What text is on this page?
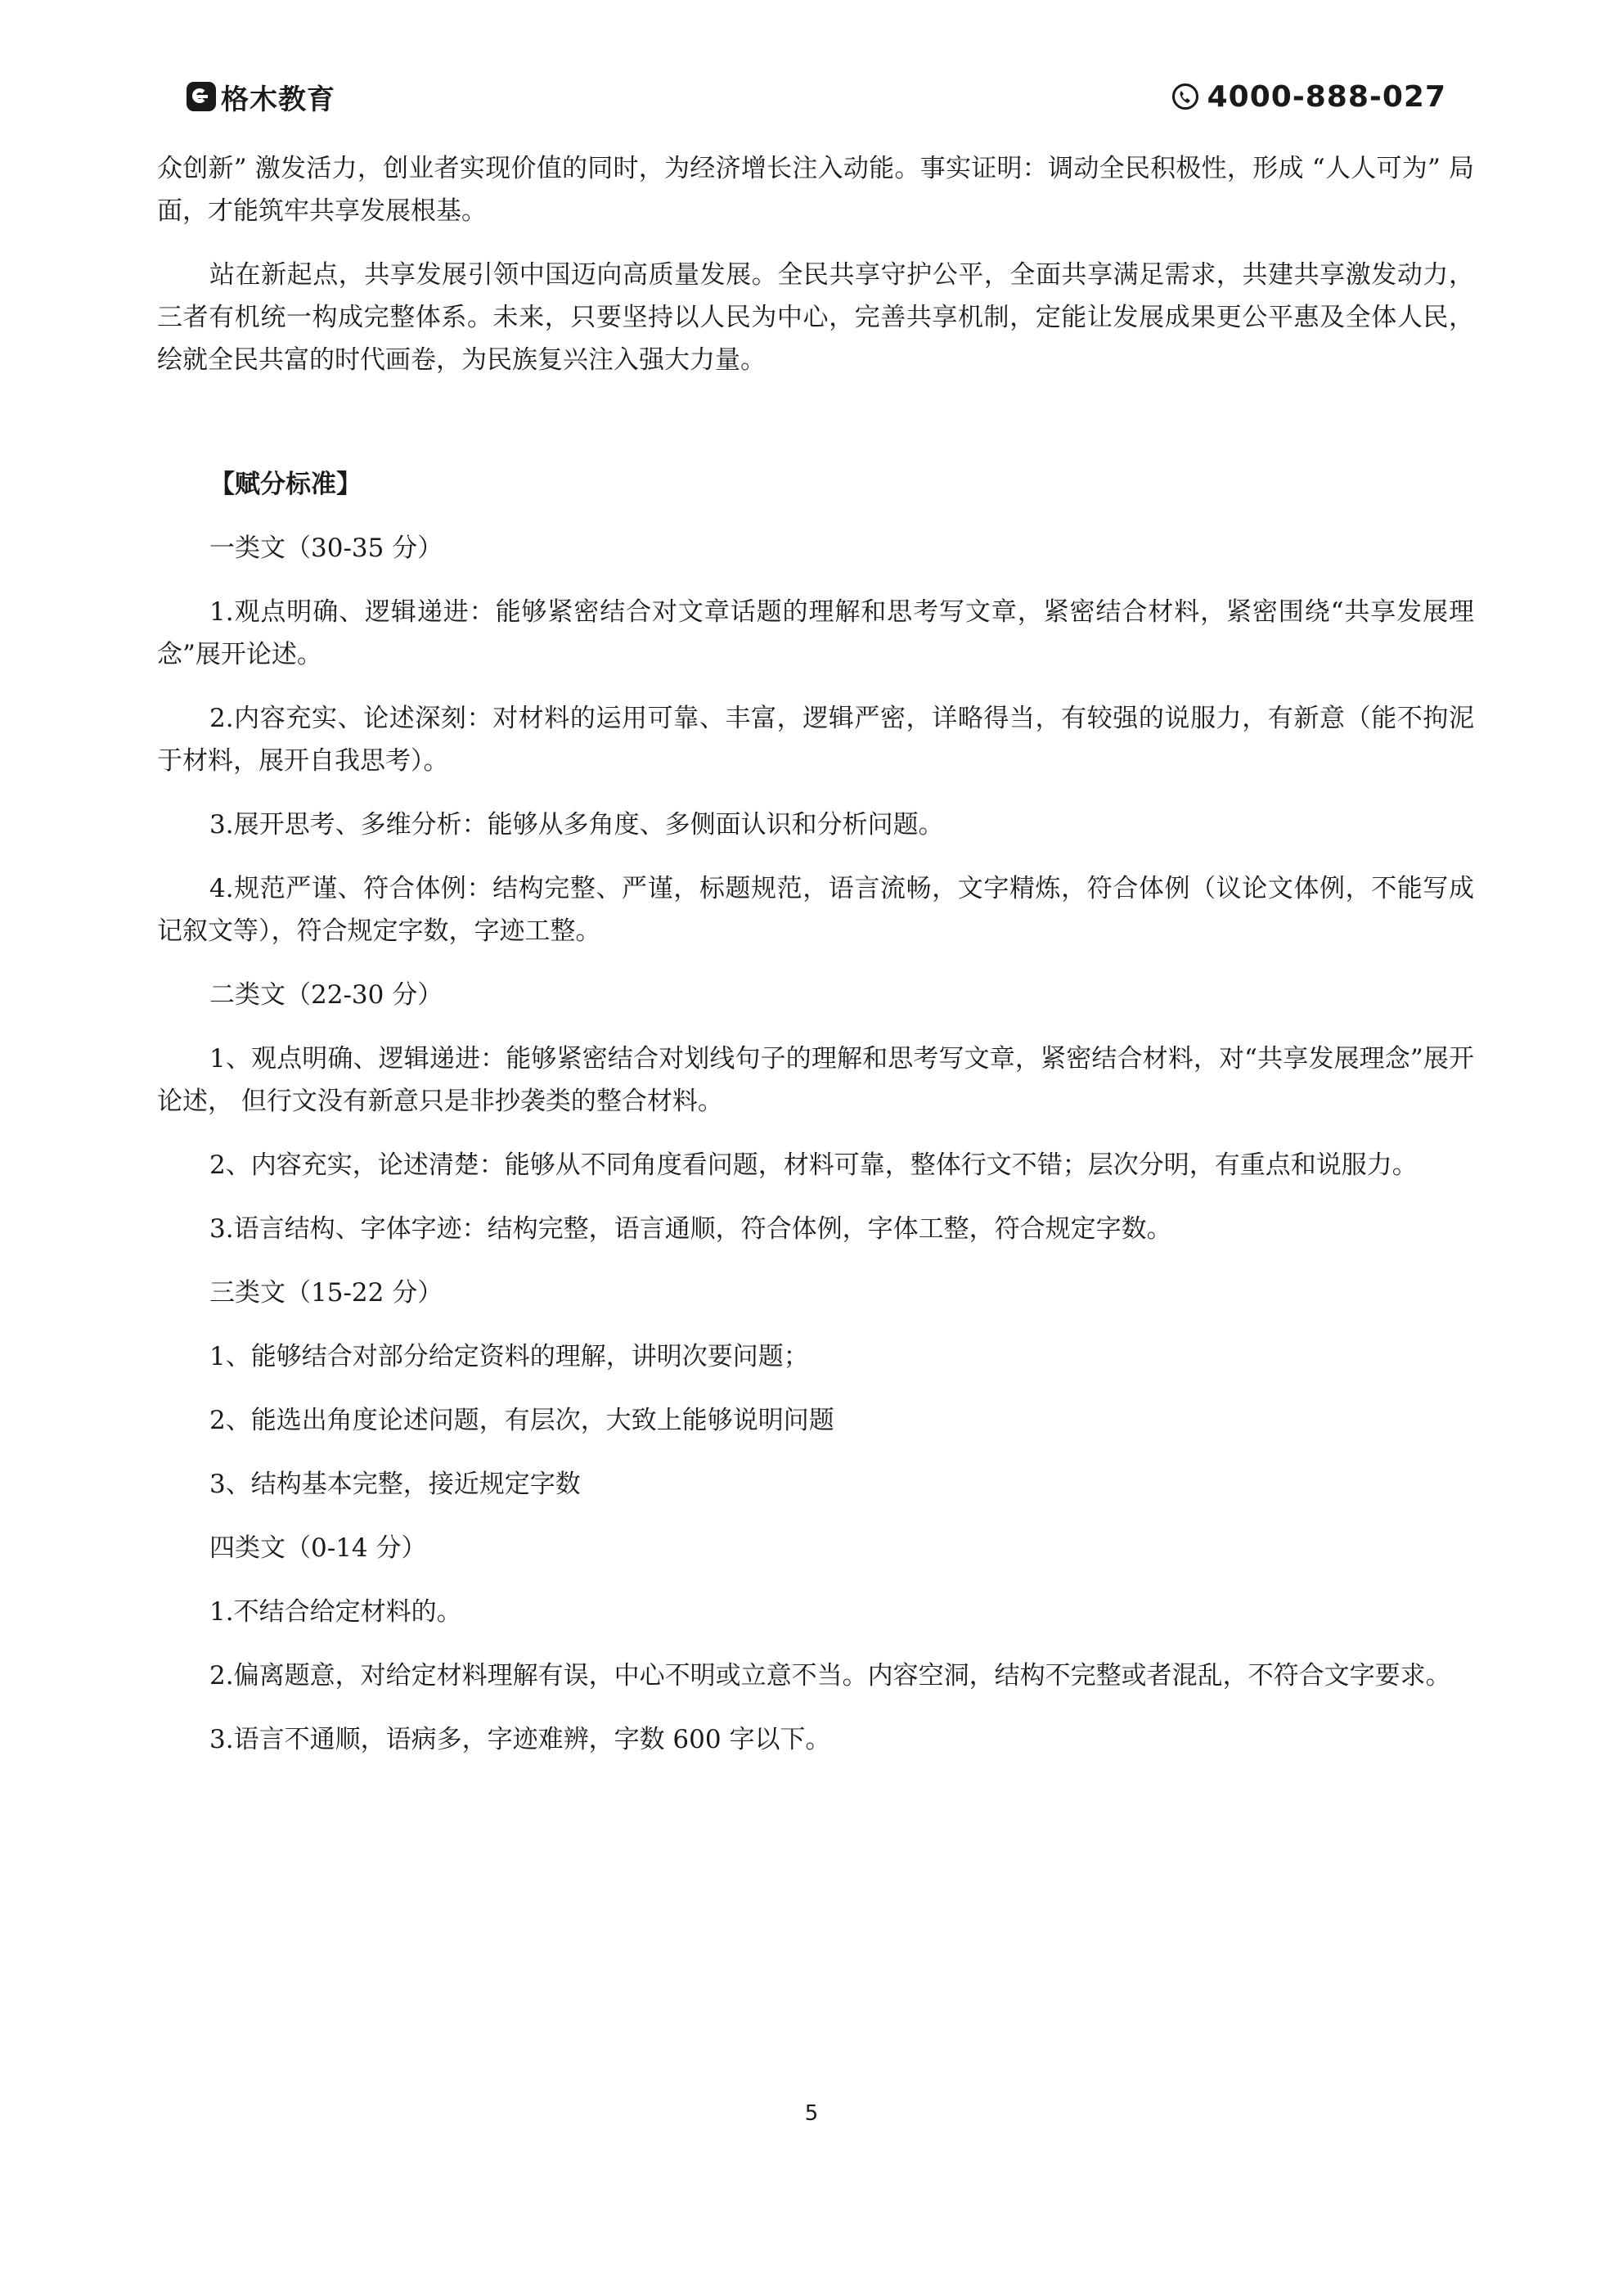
格木教育	4000-888-027

众创新” 激发活力，创业者实现价值的同时，为经济增长注入动能。事实证明：调动全民积极性，形成 “人人可为” 局面，才能筑牢共享发展根基。

站在新起点，共享发展引领中国迈向高质量发展。全民共享守护公平，全面共享满足需求，共建共享激发动力，三者有机统一构成完整体系。未来，只要坚持以人民为中心，完善共享机制，定能让发展成果更公平惠及全体人民，绘就全民共富的时代画卷，为民族复兴注入强大力量。

【赋分标准】
一类文（30-35 分）

1.观点明确、逻辑递进：能够紧密结合对文章话题的理解和思考写文章，紧密结合材料，紧密围绕“共享发展理念”展开论述。

2.内容充实、论述深刻：对材料的运用可靠、丰富，逻辑严密，详略得当，有较强的说服力，有新意（能不拘泥于材料，展开自我思考）。

3.展开思考、多维分析：能够从多角度、多侧面认识和分析问题。

4.规范严谨、符合体例：结构完整、严谨，标题规范，语言流畅，文字精炼，符合体例（议论文体例，不能写成记叙文等），符合规定字数，字迹工整。

二类文（22-30 分）

1、观点明确、逻辑递进：能够紧密结合对划线句子的理解和思考写文章，紧密结合材料，对“共享发展理念”展开论述， 但行文没有新意只是非抄袭类的整合材料。

2、内容充实，论述清楚：能够从不同角度看问题，材料可靠，整体行文不错；层次分明，有重点和说服力。

3.语言结构、字体字迹：结构完整，语言通顺，符合体例，字体工整，符合规定字数。

三类文（15-22 分）
1、能够结合对部分给定资料的理解，讲明次要问题；
2、能选出角度论述问题，有层次，大致上能够说明问题
3、结构基本完整，接近规定字数
四类文（0-14 分）

1.不结合给定材料的。

2.偏离题意，对给定材料理解有误，中心不明或立意不当。内容空洞，结构不完整或者混乱，不符合文字要求。

3.语言不通顺，语病多，字迹难辨，字数 600 字以下。

5
